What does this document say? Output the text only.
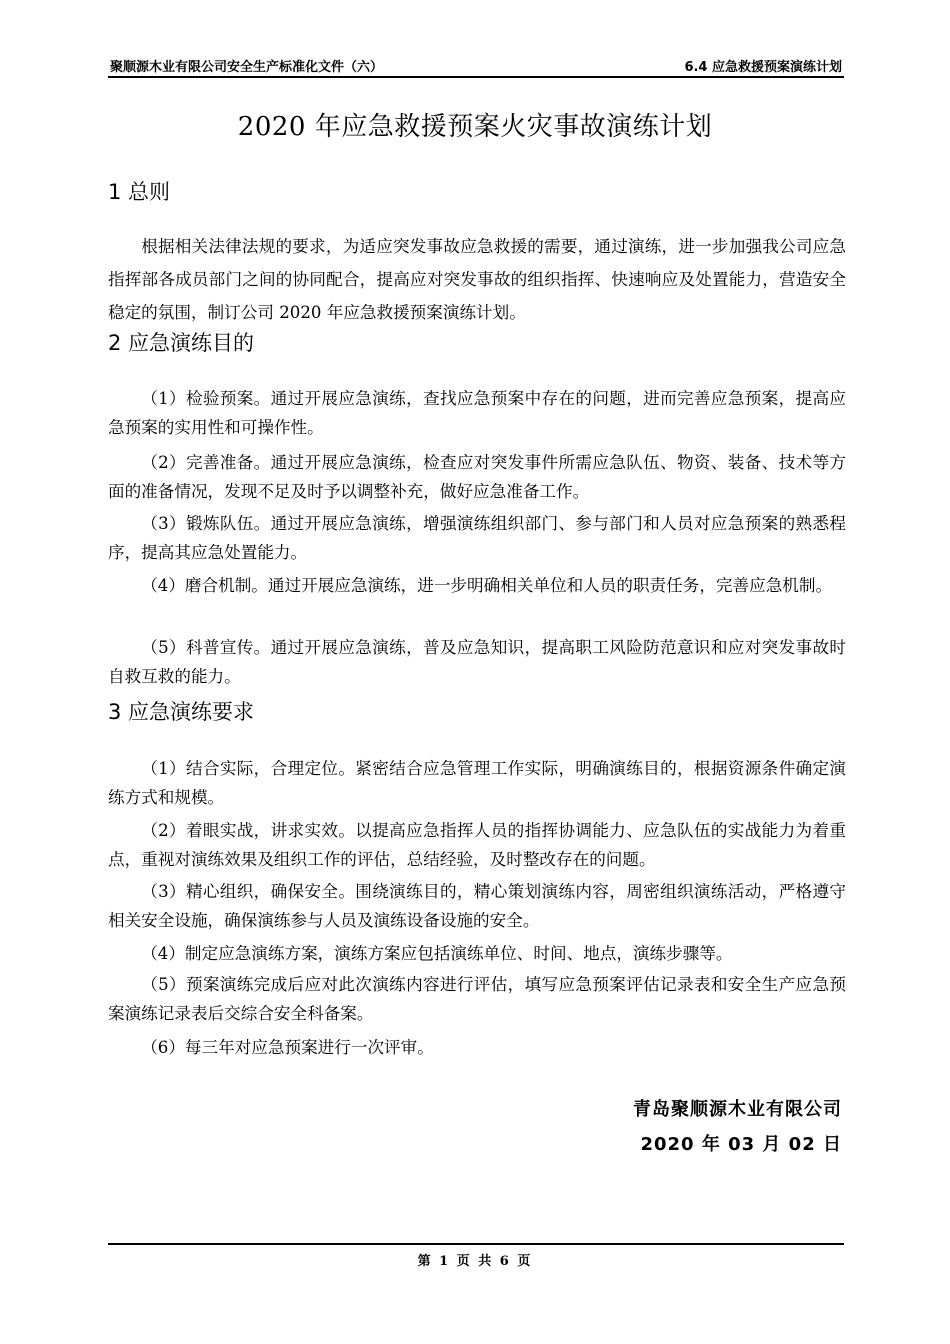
聚顺源木业有限公司安全生产标准化文件（六）	6.4 应急救援预案演练计划
2020 年应急救援预案火灾事故演练计划
1 总则

根据相关法律法规的要求，为适应突发事故应急救援的需要，通过演练，进一步加强我公司应急指挥部各成员部门之间的协同配合，提高应对突发事故的组织指挥、快速响应及处置能力，营造安全稳定的氛围，制订公司 2020 年应急救援预案演练计划。

2 应急演练目的

（1）检验预案。通过开展应急演练，查找应急预案中存在的问题，进而完善应急预案，提高应急预案的实用性和可操作性。

（2）完善准备。通过开展应急演练，检查应对突发事件所需应急队伍、物资、装备、技术等方面的准备情况，发现不足及时予以调整补充，做好应急准备工作。

（3）锻炼队伍。通过开展应急演练，增强演练组织部门、参与部门和人员对应急预案的熟悉程序，提高其应急处置能力。

（4）磨合机制。通过开展应急演练，进一步明确相关单位和人员的职责任务，完善应急机制。

（5）科普宣传。通过开展应急演练，普及应急知识，提高职工风险防范意识和应对突发事故时自救互救的能力。

3 应急演练要求

（1）结合实际，合理定位。紧密结合应急管理工作实际，明确演练目的，根据资源条件确定演练方式和规模。

（2）着眼实战，讲求实效。以提高应急指挥人员的指挥协调能力、应急队伍的实战能力为着重点，重视对演练效果及组织工作的评估，总结经验，及时整改存在的问题。

（3）精心组织，确保安全。围绕演练目的，精心策划演练内容，周密组织演练活动，严格遵守相关安全设施，确保演练参与人员及演练设备设施的安全。

（4）制定应急演练方案，演练方案应包括演练单位、时间、地点，演练步骤等。

（5）预案演练完成后应对此次演练内容进行评估，填写应急预案评估记录表和安全生产应急预案演练记录表后交综合安全科备案。

（6）每三年对应急预案进行一次评审。

青岛聚顺源木业有限公司
2020 年 03 月 02 日
第 1 页 共 6 页
